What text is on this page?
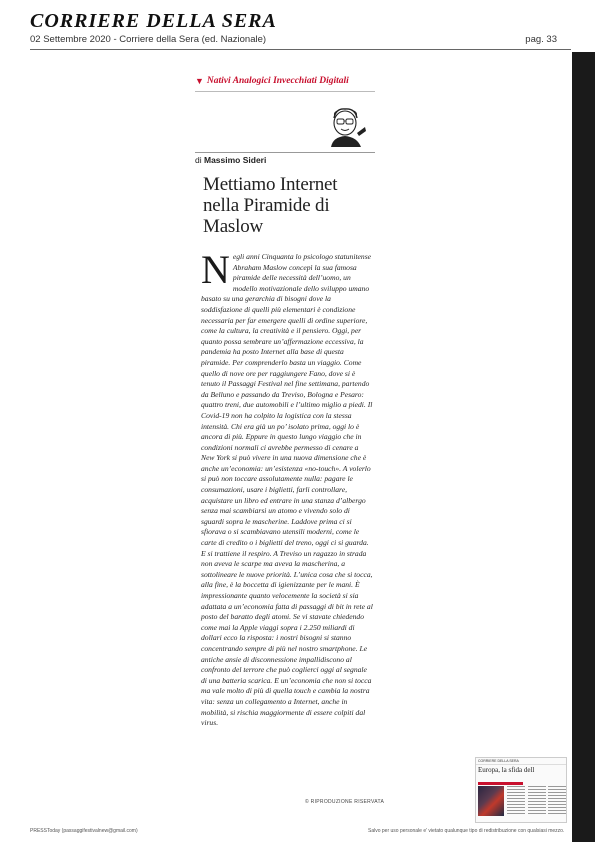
CORRIERE DELLA SERA
02 Settembre 2020 - Corriere della Sera (ed. Nazionale)	pag. 33
▼ Nativi Analogici Invecchiati Digitali
di Massimo Sideri
Mettiamo Internet nella Piramide di Maslow
N egli anni Cinquanta lo psicologo statunitense Abraham Maslow concepì la sua famosa piramide delle necessità dell’uomo, un modello motivazionale dello sviluppo umano basato su una gerarchia di bisogni dove la soddisfazione di quelli più elementari è condizione necessaria per far emergere quelli di ordine superiore, come la cultura, la creatività e il pensiero. Oggi, per quanto possa sembrare un’affermazione eccessiva, la pandemia ha posto Internet alla base di questa piramide. Per comprenderlo basta un viaggio. Come quello di nove ore per raggiungere Fano, dove si è tenuto il Passaggi Festival nel fine settimana, partendo da Belluno e passando da Treviso, Bologna e Pesaro: quattro treni, due automobili e l’ultimo miglio a piedi. Il Covid-19 non ha colpito la logistica con la stessa intensità. Chi era già un po’ isolato prima, oggi lo è ancora di più. Eppure in questo lungo viaggio che in condizioni normali ci avrebbe permesso di cenare a New York si può vivere in una nuova dimensione che è anche un’economia: un’esistenza «no-touch». A volerlo si può non toccare assolutamente nulla: pagare le consumazioni, usare i biglietti, farli controllare, acquistare un libro ed entrare in una stanza d’albergo senza mai scambiarsi un atomo e vivendo solo di sguardi sopra le mascherine. Laddove prima ci si sfiorava o si scambiavano utensili moderni, come le carte di credito o i biglietti del treno, oggi ci si guarda. E si trattiene il respiro. A Treviso un ragazzo in strada non aveva le scarpe ma aveva la mascherina, a sottolineare le nuove priorità. L’unica cosa che si tocca, alla fine, è la boccetta di igienizzante per le mani. È impressionante quanto velocemente la società si sia adattata a un’economia fatta di passaggi di bit in rete al posto del baratto degli atomi. Se vi stavate chiedendo come mai la Apple viaggi sopra i 2.250 miliardi di dollari ecco la risposta: i nostri bisogni si stanno concentrando sempre di più nel nostro smartphone. Le antiche ansie di disconnessione impallidiscono al confronto del terrore che può coglierci oggi al segnale di una batteria scarica. E un’economia che non si tocca ma vale molto di più di quella touch e cambia la nostra vita: senza un collegamento a Internet, anche in mobilità, si rischia maggiormente di essere colpiti dal virus.
© RIPRODUZIONE RISERVATA
CORRIERE DELLA SERA
Europa, la sfida dell
PRESSToday (passaggifestivalnew@gmail.com)	Salvo per uso personale e' vietato qualunque tipo di redistribuzione con qualsiasi mezzo.
